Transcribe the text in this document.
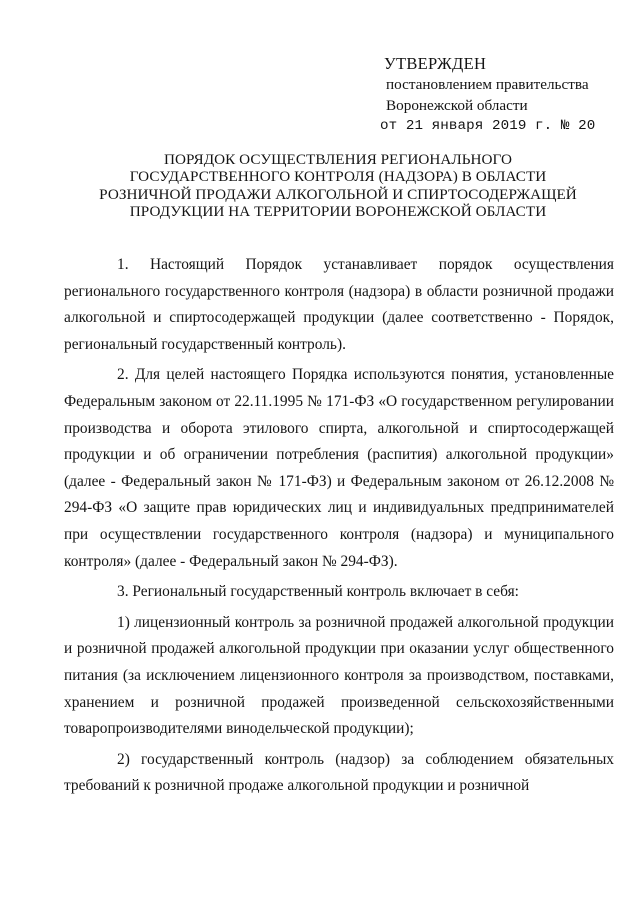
УТВЕРЖДЕН
постановлением правительства
Воронежской области
от 21 января 2019 г. № 20
ПОРЯДОК ОСУЩЕСТВЛЕНИЯ РЕГИОНАЛЬНОГО
ГОСУДАРСТВЕННОГО КОНТРОЛЯ (НАДЗОРА) В ОБЛАСТИ
РОЗНИЧНОЙ ПРОДАЖИ АЛКОГОЛЬНОЙ И СПИРТОСОДЕРЖАЩЕЙ
ПРОДУКЦИИ НА ТЕРРИТОРИИ ВОРОНЕЖСКОЙ ОБЛАСТИ

1. Настоящий Порядок устанавливает порядок осуществления регионального государственного контроля (надзора) в области розничной продажи алкогольной и спиртосодержащей продукции (далее соответственно - Порядок, региональный государственный контроль).

2. Для целей настоящего Порядка используются понятия, установленные Федеральным законом от 22.11.1995 № 171-ФЗ «О государственном регулировании производства и оборота этилового спирта, алкогольной и спиртосодержащей продукции и об ограничении потребления (распития) алкогольной продукции» (далее - Федеральный закон № 171-ФЗ) и Федеральным законом от 26.12.2008 № 294-ФЗ «О защите прав юридических лиц и индивидуальных предпринимателей при осуществлении государственного контроля (надзора) и муниципального контроля» (далее - Федеральный закон № 294-ФЗ).

3. Региональный государственный контроль включает в себя:

1) лицензионный контроль за розничной продажей алкогольной продукции и розничной продажей алкогольной продукции при оказании услуг общественного питания (за исключением лицензионного контроля за производством, поставками, хранением и розничной продажей произведенной сельскохозяйственными товаропроизводителями винодельческой продукции);

2) государственный контроль (надзор) за соблюдением обязательных требований к розничной продаже алкогольной продукции и розничной
